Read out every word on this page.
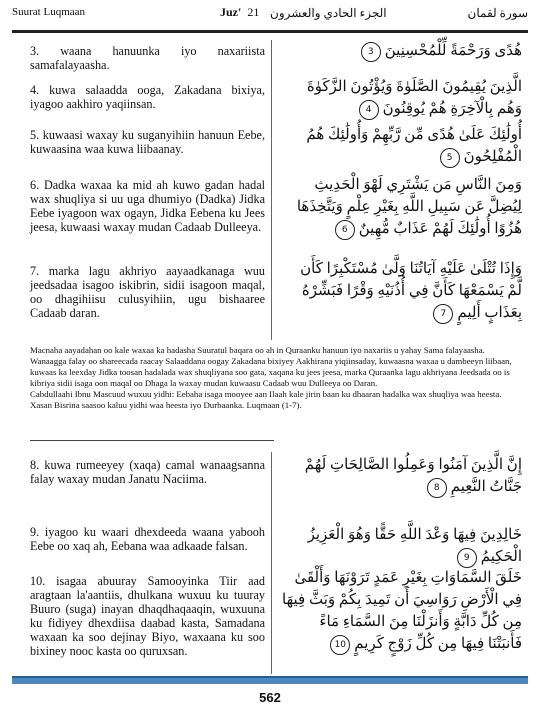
Suurat Luqmaan	Juz' 21 الجزء الحادي والعشرون	سورة لقمان
3. waana hanuunka iyo naxariista samafalayaasha.
هُدًى وَرَحْمَةً لِّلْمُحْسِنِينَ3
4. kuwa salaadda ooga, Zakadana bixiya, iyagoo aakhiro yaqiinsan.
الَّذِينَ يُقِيمُونَ الصَّلَوٰةَ وَيُؤْتُونَ الزَّكَوٰةَ وَهُم بِالْآخِرَةِ هُمْ يُوقِنُونَ4
5. kuwaasi waxay ku suganyihiin hanuun Eebe, kuwaasina waa kuwa liibaanay.
أُولَٰئِكَ عَلَىٰ هُدًى مِّن رَّبِّهِمْ وَأُولَٰئِكَ هُمُ الْمُفْلِحُونَ5
6. Dadka waxaa ka mid ah kuwo gadan hadal wax shuqliya si uu uga dhumiyo (Dadka) Jidka Eebe iyagoon wax ogayn, Jidka Eebena ku Jees jeesa, kuwaasi waxay mudan Cadaab Dulleeya.
وَمِنَ النَّاسِ مَن يَشْتَرِي لَهْوَ الْحَدِيثِ لِيُضِلَّ عَن سَبِيلِ اللَّهِ بِغَيْرِ عِلْمٍ وَيَتَّخِذَهَا هُزُوًا أُولَٰئِكَ لَهُمْ عَذَابٌ مُّهِينٌ6
7. marka lagu akhriyo aayaadkanaga wuu jeedsadaa isagoo iskibrin, sidii isagoon maqal, oo dhagihiisu culusyihiin, ugu bishaaree Cadaab daran.
وَإِذَا تُتْلَىٰ عَلَيْهِ آيَاتُنَا وَلَّىٰ مُسْتَكْبِرًا كَأَن لَّمْ يَسْمَعْهَا كَأَنَّ فِي أُذُنَيْهِ وَقْرًا فَبَشِّرْهُ بِعَذَابٍ أَلِيمٍ7
Macnaha aayadahan oo kale waxaa ka hadasha Suuratul baqara oo ah in Quraanku hanuun iyo naxariis u yahay Sama falayaasha. Wanaagga falay oo shareecada raacay Salaaddana oogay Zakadana bixiyey Aakhirana yiqiinsaday, kuwaasna waxaa u dambeeyn liibaan, kuwaas ka leexday Jidka toosan hadalada wax shuqliyana soo gata, xaqana ku jees jeesa, marka Quraanka lagu akhriyana Jeedsada oo is kibriya sidii isaga oon maqal oo Dhaga la waxay mudan kuwaasu Cadaab wuu Dulleeya oo Daran.
Cabdullaahi Ibnu Mascuud wuxuu yidhi: Eebaha isaga mooyee aan Ilaah kale jirin baan ku dhaaran hadalka wax shuqliya waa heesta.
Xasan Bisrina saasoo kaluu yidhi waa heesta iyo Durbaanka. Luqmaan (1-7).
8. kuwa rumeeyey (xaqa) camal wanaagsanna falay waxay mudan Janatu Naciima.
إِنَّ الَّذِينَ آمَنُوا وَعَمِلُوا الصَّالِحَاتِ لَهُمْ جَنَّاتُ النَّعِيمِ8
9. iyagoo ku waari dhexdeeda waana yabooh Eebe oo xaq ah, Eebana waa adkaade falsan.
خَالِدِينَ فِيهَا وَعْدَ اللَّهِ حَقًّا وَهُوَ الْعَزِيزُ الْحَكِيمُ9
10. isagaa abuuray Samooyinka Tiir aad aragtaan la'aantiis, dhulkana wuxuu ku tuuray Buuro (suga) inayan dhaqdhaqaaqin, wuxuuna ku fidiyey dhexdiisa daabad kasta, Samadana waxaan ka soo dejinay Biyo, waxaana ku soo bixiney nooc kasta oo quruxsan.
خَلَقَ السَّمَاوَاتِ بِغَيْرِ عَمَدٍ تَرَوْنَهَا وَأَلْقَىٰ فِي الْأَرْضِ رَوَاسِيَ أَن تَمِيدَ بِكُمْ وَبَثَّ فِيهَا مِن كُلِّ دَابَّةٍ وَأَنزَلْنَا مِنَ السَّمَاءِ مَاءً فَأَنبَتْنَا فِيهَا مِن كُلِّ زَوْجٍ كَرِيمٍ10
562
